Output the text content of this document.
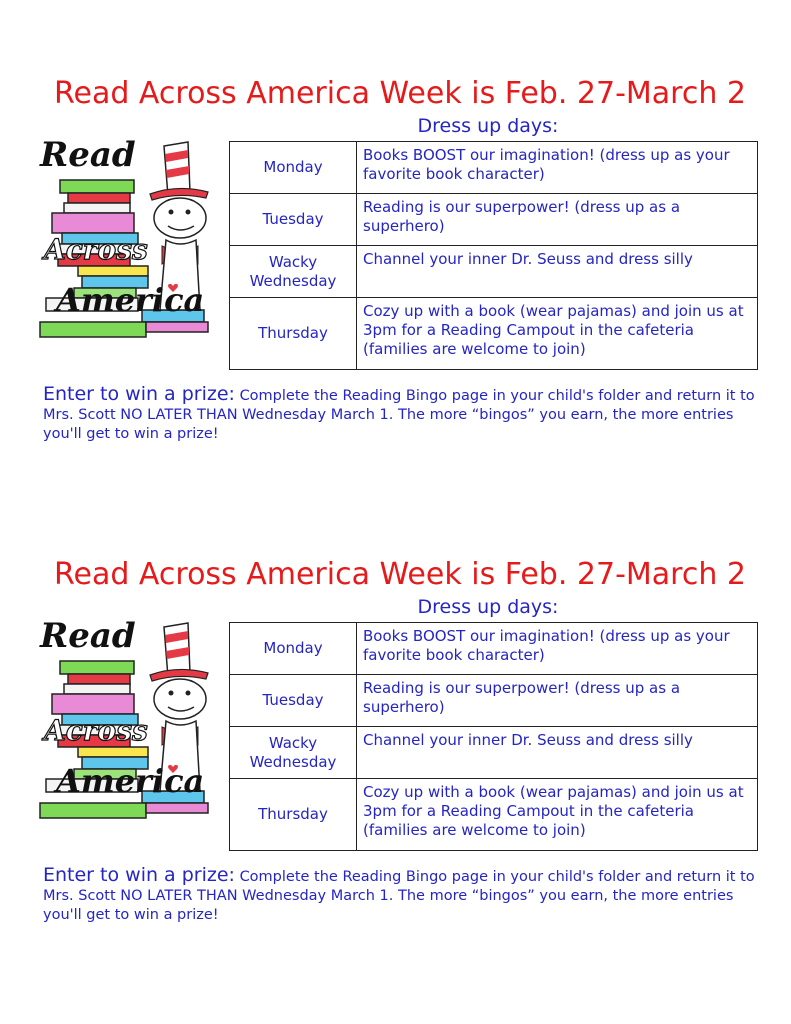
Read Across America Week is Feb. 27-March 2
Dress up days:
Read
Across
America
Monday	Books BOOST our imagination! (dress up as your favorite book character)
Tuesday	Reading is our superpower! (dress up as a superhero)
Wacky Wednesday	Channel your inner Dr. Seuss and dress silly
Thursday	Cozy up with a book (wear pajamas) and join us at 3pm for a Reading Campout in the cafeteria (families are welcome to join)
Enter to win a prize: Complete the Reading Bingo page in your child's folder and return it to Mrs. Scott NO LATER THAN Wednesday March 1. The more “bingos” you earn, the more entries you'll get to win a prize!
Read Across America Week is Feb. 27-March 2
Dress up days:
Read
Across
America
Monday	Books BOOST our imagination! (dress up as your favorite book character)
Tuesday	Reading is our superpower! (dress up as a superhero)
Wacky Wednesday	Channel your inner Dr. Seuss and dress silly
Thursday	Cozy up with a book (wear pajamas) and join us at 3pm for a Reading Campout in the cafeteria (families are welcome to join)
Enter to win a prize: Complete the Reading Bingo page in your child's folder and return it to Mrs. Scott NO LATER THAN Wednesday March 1. The more “bingos” you earn, the more entries you'll get to win a prize!
